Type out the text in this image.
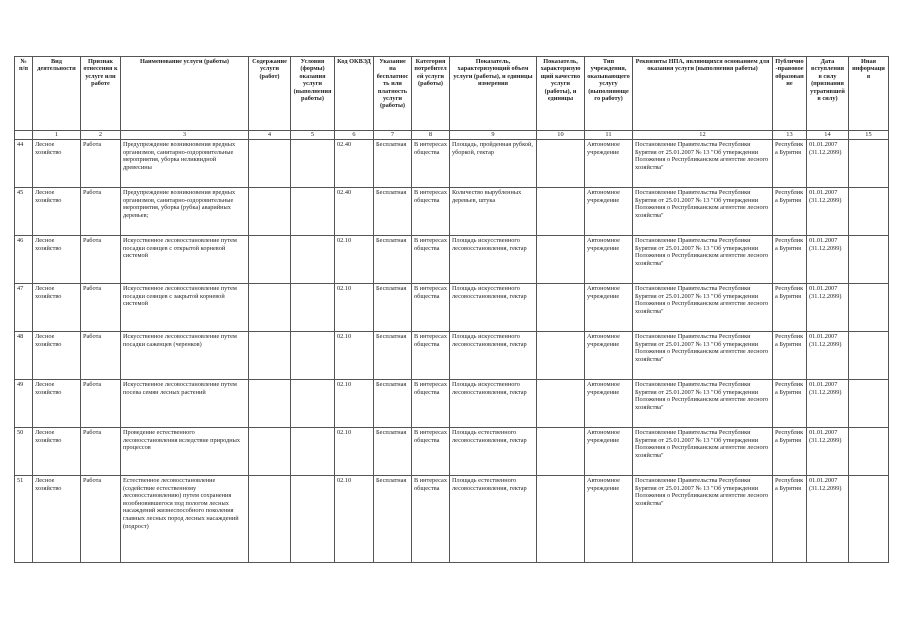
№ п/п	Вид деятельности	Признак отнесения к услуге или работе	Наименование услуги (работы)	Содержание услуги (работ)	Условия (формы) оказания услуги (выполнения работы)	Код ОКВЭД	Указание на бесплатность или платность услуги (работы)	Категория потребителей услуги (работы)	Показатель, характеризующий объем услуги (работы), и единицы измерения	Показатель, характеризующий качество услуги (работы), и единицы	Тип учреждения, оказывающего услугу (выполняющего работу)	Реквизиты НПА, являющихся основанием для оказания услуги (выполнения работы)	Публично-правовое образование	Дата вступления в силу (признания утратившей в силу)	Иная информация
	1	2	3	4	5	6	7	8	9	10	11	12	13	14	15
44	Лесное хозяйство	Работа	Предупреждение возникновения вредных организмов, санитарно-оздоровительные мероприятия, уборка неликвидной древесины			02.40	Бесплатная	В интересах общества	Площадь, пройденная рубкой, уборкой, гектар		Автономное учреждение	Постановление Правительства Республики Бурятия от 25.01.2007 № 13 "Об утверждении Положения о Республиканском агентстве лесного хозяйства"	Республика Бурятия	01.01.2007 (31.12.2099)	
45	Лесное хозяйство	Работа	Предупреждение возникновения вредных организмов, санитарно-оздоровительные мероприятия, уборка (рубка) аварийных деревьев;			02.40	Бесплатная	В интересах общества	Количество вырубленных деревьев, штука		Автономное учреждение	Постановление Правительства Республики Бурятия от 25.01.2007 № 13 "Об утверждении Положения о Республиканском агентстве лесного хозяйства"	Республика Бурятия	01.01.2007 (31.12.2099)	
46	Лесное хозяйство	Работа	Искусственное лесовосстановление путем посадки сеянцев с открытой корневой системой			02.10	Бесплатная	В интересах общества	Площадь искусственного лесовосстановления, гектар		Автономное учреждение	Постановление Правительства Республики Бурятия от 25.01.2007 № 13 "Об утверждении Положения о Республиканском агентстве лесного хозяйства"	Республика Бурятия	01.01.2007 (31.12.2099)	
47	Лесное хозяйство	Работа	Искусственное лесовосстановление путем посадки сеянцев с закрытой корневой системой			02.10	Бесплатная	В интересах общества	Площадь искусственного лесовосстановления, гектар		Автономное учреждение	Постановление Правительства Республики Бурятия от 25.01.2007 № 13 "Об утверждении Положения о Республиканском агентстве лесного хозяйства"	Республика Бурятия	01.01.2007 (31.12.2099)	
48	Лесное хозяйство	Работа	Искусственное лесовосстановление путем посадки саженцев (черенков)			02.10	Бесплатная	В интересах общества	Площадь искусственного лесовосстановления, гектар		Автономное учреждение	Постановление Правительства Республики Бурятия от 25.01.2007 № 13 "Об утверждении Положения о Республиканском агентстве лесного хозяйства"	Республика Бурятия	01.01.2007 (31.12.2099)	
49	Лесное хозяйство	Работа	Искусственное лесовосстановление путем посева семян лесных растений			02.10	Бесплатная	В интересах общества	Площадь искусственного лесовосстановления, гектар		Автономное учреждение	Постановление Правительства Республики Бурятия от 25.01.2007 № 13 "Об утверждении Положения о Республиканском агентстве лесного хозяйства"	Республика Бурятия	01.01.2007 (31.12.2099)	
50	Лесное хозяйство	Работа	Проведение естественного лесовосстановления вследствие природных процессов			02.10	Бесплатная	В интересах общества	Площадь естественного лесовосстановления, гектар		Автономное учреждение	Постановление Правительства Республики Бурятия от 25.01.2007 № 13 "Об утверждении Положения о Республиканском агентстве лесного хозяйства"	Республика Бурятия	01.01.2007 (31.12.2099)	
51	Лесное хозяйство	Работа	Естественное лесовосстановление (содействие естественному лесовосстановлению) путем сохранения возобновившегося под пологом лесных насаждений жизнеспособного поколения главных лесных пород лесных насаждений (подрост)			02.10	Бесплатная	В интересах общества	Площадь естественного лесовосстановления, гектар		Автономное учреждение	Постановление Правительства Республики Бурятия от 25.01.2007 № 13 "Об утверждении Положения о Республиканском агентстве лесного хозяйства"	Республика Бурятия	01.01.2007 (31.12.2099)	
